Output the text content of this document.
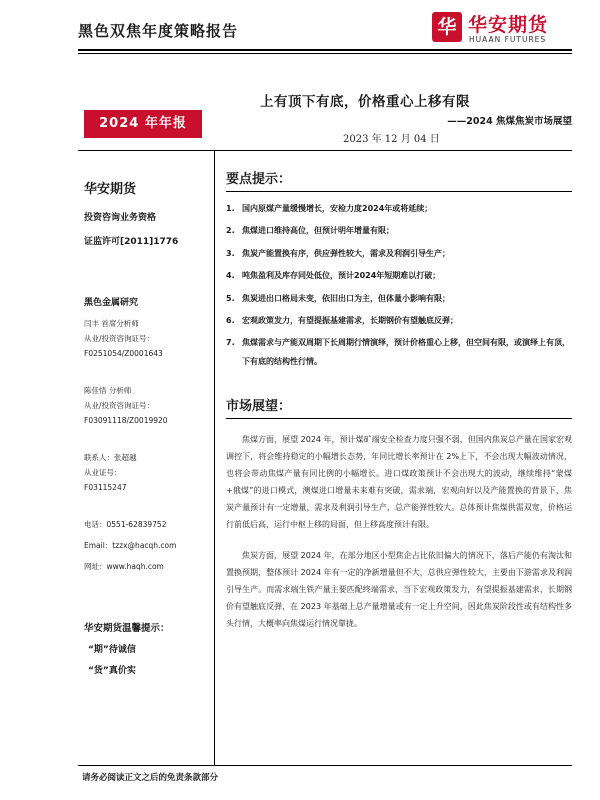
黑色双焦年度策略报告	华 华安期货
HUAAN FUTURES
上有顶下有底，价格重心上移有限
——2024 焦煤焦炭市场展望
2023 年 12 月 04 日
2024 年年报
华安期货
投资咨询业务资格
证监许可[2011]1776
黑色金属研究
闫丰 首席分析师
从业/投资咨询证号：
F0251054/Z0001643
陈佳悟 分析师
从业/投资咨询证号：
F03091118/Z0019920
联系人：张超越
从业证号：
F03115247
电话：0551-62839752
Email：tzzx@hacqh.com
网址：www.haqh.com
华安期货温馨提示：
“期”待诚信
“货”真价实
要点提示：
1. 国内原煤产量缓慢增长，安检力度2024年或将延续；
2. 焦煤进口维持高位，但预计明年增量有限；
3. 焦炭产能置换有序，供应弹性较大，需求及利润引导生产；
4. 吨焦盈利及库存同处低位，预计2024年短期难以打破；
5. 焦炭进出口格局未变，依旧出口为主，但体量小影响有限；
6. 宏观政策发力，有望提振基建需求，长期钢价有望触底反弹；
7. 焦煤需求与产能双周期下长周期行情演绎，预计价格重心上移，但空间有限，或演绎上有顶，下有底的结构性行情。
市场展望：

焦煤方面，展望 2024 年，预计煤矿端安全检查力度只强不弱，但国内焦炭总产量在国家宏观调控下，将会维持稳定的小幅增长态势，年同比增长率预计在 2%上下，不会出现大幅波动情况，也将会带动焦煤产量有同比例的小幅增长。进口煤政策预计不会出现大的波动，继续维持“蒙煤+俄煤”的进口模式，澳煤进口增量未来难有突破，需求端，宏观向好以及产能置换的背景下，焦炭产量预计有一定增量，需求及利润引导生产，总产能弹性较大。总体预计焦煤供需双宽，价格运行前低后高，运行中枢上移的局面，但上移高度预计有限。

焦炭方面，展望 2024 年，在部分地区小型焦企占比依旧偏大的情况下，落后产能仍有淘汰和置换预期，整体预计 2024 年有一定的净新增量但不大，总供应弹性较大，主要由下游需求及利润引导生产。而需求端生铁产量主要匹配终端需求，当下宏观政策发力，有望提振基建需求，长期钢价有望触底反弹，在 2023 年基础上总产量增量或有一定上升空间，因此焦炭阶段性或有结构性多头行情，大概率向焦煤运行情况靠拢。

请务必阅读正文之后的免责条款部分
